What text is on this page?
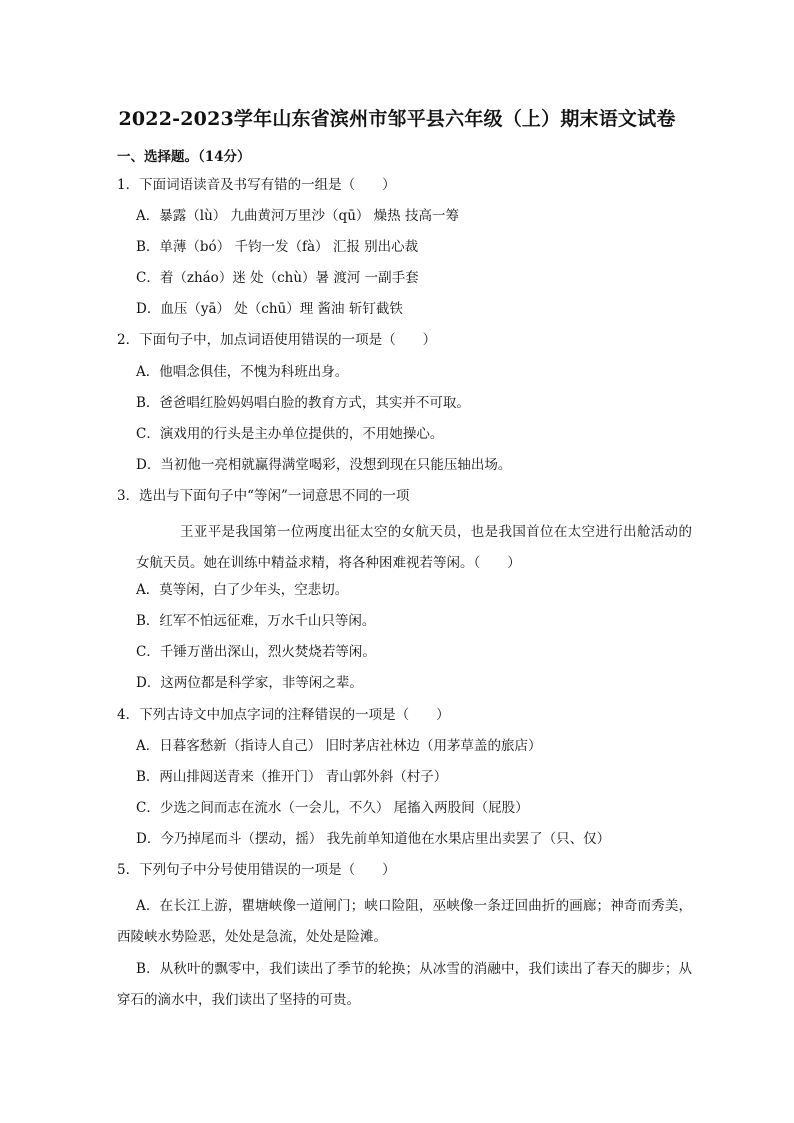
2022-2023学年山东省滨州市邹平县六年级（上）期末语文试卷
一、选择题。（14分）
1．下面词语读音及书写有错的一组是（　　）
A．暴露（lù） 九曲黄河万里沙（qū） 燥热 技高一筹
B．单薄（bó） 千钧一发（fà） 汇报 别出心裁
C．着（zháo）迷 处（chù）暑 渡河 一副手套
D．血压（yā） 处（chū）理 酱油 斩钉截铁
2．下面句子中，加点词语使用错误的一项是（　　）
A．他唱念俱佳，不愧为科班出身。
B．爸爸唱红脸妈妈唱白脸的教育方式，其实并不可取。
C．演戏用的行头是主办单位提供的，不用她操心。
D．当初他一亮相就赢得满堂喝彩，没想到现在只能压轴出场。
3．选出与下面句子中“等闲”一词意思不同的一项
王亚平是我国第一位两度出征太空的女航天员，也是我国首位在太空进行出舱活动的女航天员。她在训练中精益求精，将各种困难视若等闲。（　　）
A．莫等闲，白了少年头，空悲切。
B．红军不怕远征难，万水千山只等闲。
C．千锤万凿出深山，烈火焚烧若等闲。
D．这两位都是科学家，非等闲之辈。
4．下列古诗文中加点字词的注释错误的一项是（　　）
A．日暮客愁新（指诗人自己） 旧时茅店社林边（用茅草盖的旅店）
B．两山排闼送青来（推开门） 青山郭外斜（村子）
C．少选之间而志在流水（一会儿，不久） 尾搐入两股间（屁股）
D．今乃掉尾而斗（摆动，摇） 我先前单知道他在水果店里出卖罢了（只、仅）
5．下列句子中分号使用错误的一项是（　　）
A．在长江上游，瞿塘峡像一道闸门；峡口险阻，巫峡像一条迂回曲折的画廊；神奇而秀美，西陵峡水势险恶，处处是急流，处处是险滩。
B．从秋叶的飘零中，我们读出了季节的轮换；从冰雪的消融中，我们读出了春天的脚步；从穿石的滴水中，我们读出了坚持的可贵。
